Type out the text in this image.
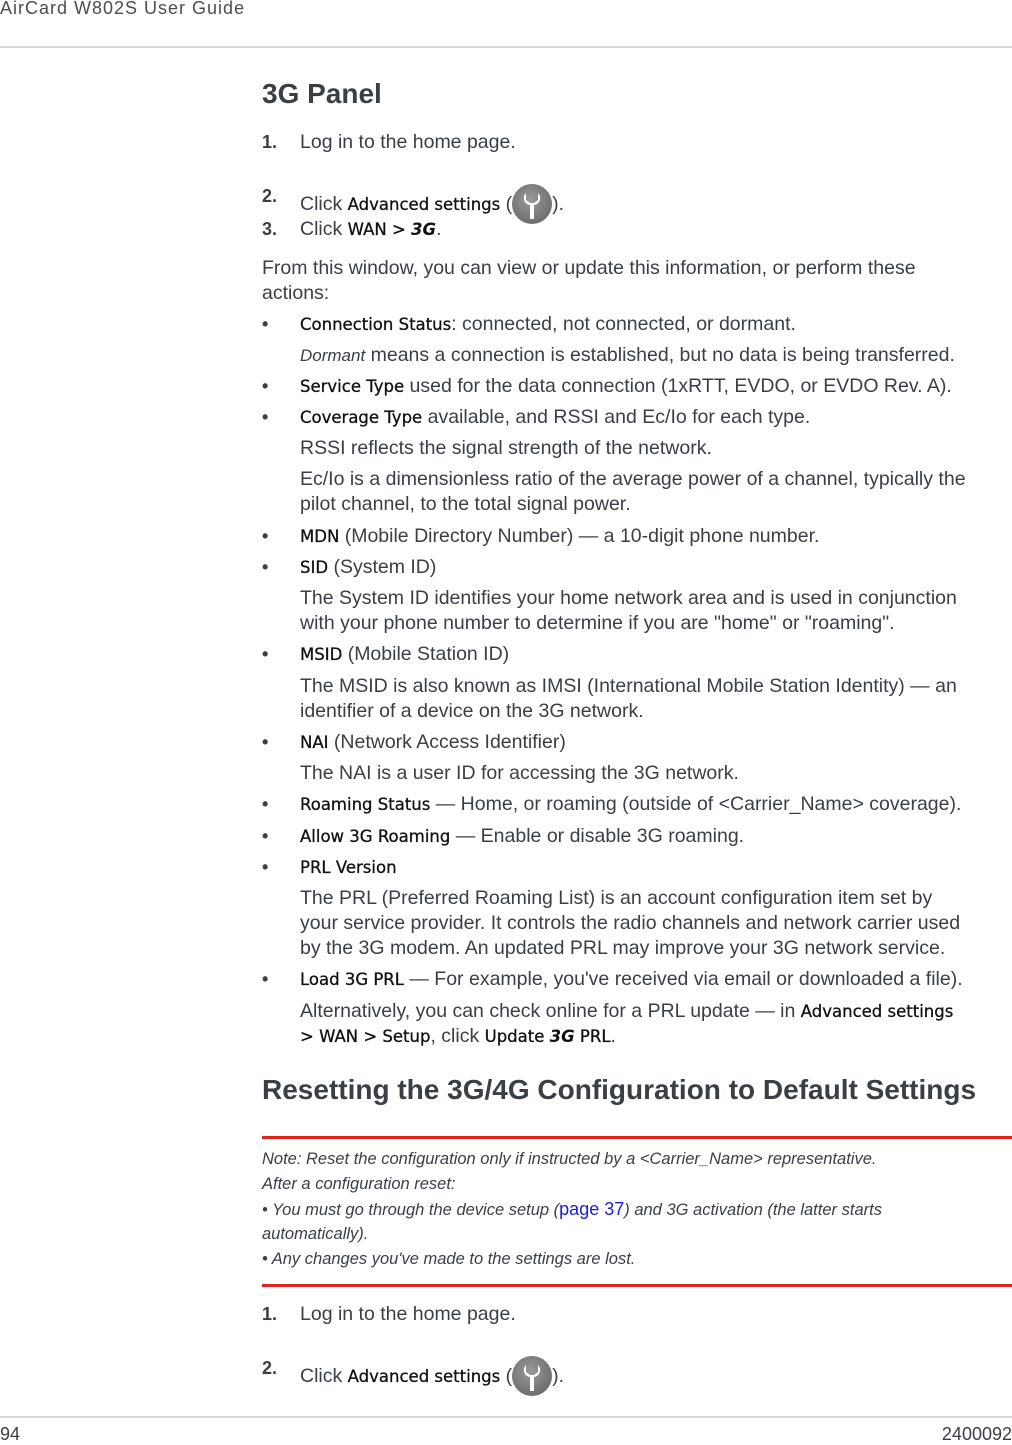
AirCard W802S User Guide
3G Panel
1. Log in to the home page.
2. Click Advanced settings ( ).
3. Click WAN > 3G.
From this window, you can view or update this information, or perform these
actions:
• Connection Status: connected, not connected, or dormant.
Dormant means a connection is established, but no data is being transferred.
• Service Type used for the data connection (1xRTT, EVDO, or EVDO Rev. A).
• Coverage Type available, and RSSI and Ec/Io for each type.
RSSI reflects the signal strength of the network.
Ec/Io is a dimensionless ratio of the average power of a channel, typically the
pilot channel, to the total signal power.
• MDN (Mobile Directory Number) — a 10-digit phone number.
• SID (System ID)
The System ID identifies your home network area and is used in conjunction
with your phone number to determine if you are "home" or "roaming".
• MSID (Mobile Station ID)
The MSID is also known as IMSI (International Mobile Station Identity) — an
identifier of a device on the 3G network.
• NAI (Network Access Identifier)
The NAI is a user ID for accessing the 3G network.
• Roaming Status — Home, or roaming (outside of <Carrier_Name> coverage).
• Allow 3G Roaming — Enable or disable 3G roaming.
• PRL Version
The PRL (Preferred Roaming List) is an account configuration item set by
your service provider. It controls the radio channels and network carrier used
by the 3G modem. An updated PRL may improve your 3G network service.
• Load 3G PRL — For example, you've received via email or downloaded a file).
Alternatively, you can check online for a PRL update — in Advanced settings
> WAN > Setup, click Update 3G PRL.
Resetting the 3G/4G Configuration to Default Settings
1. Log in to the home page.
2. Click Advanced settings ( ).
Note: Reset the configuration only if instructed by a <Carrier_Name> representative.
After a configuration reset:
• You must go through the device setup (page 37) and 3G activation (the latter starts
automatically).
• Any changes you've made to the settings are lost.
94	2400092
